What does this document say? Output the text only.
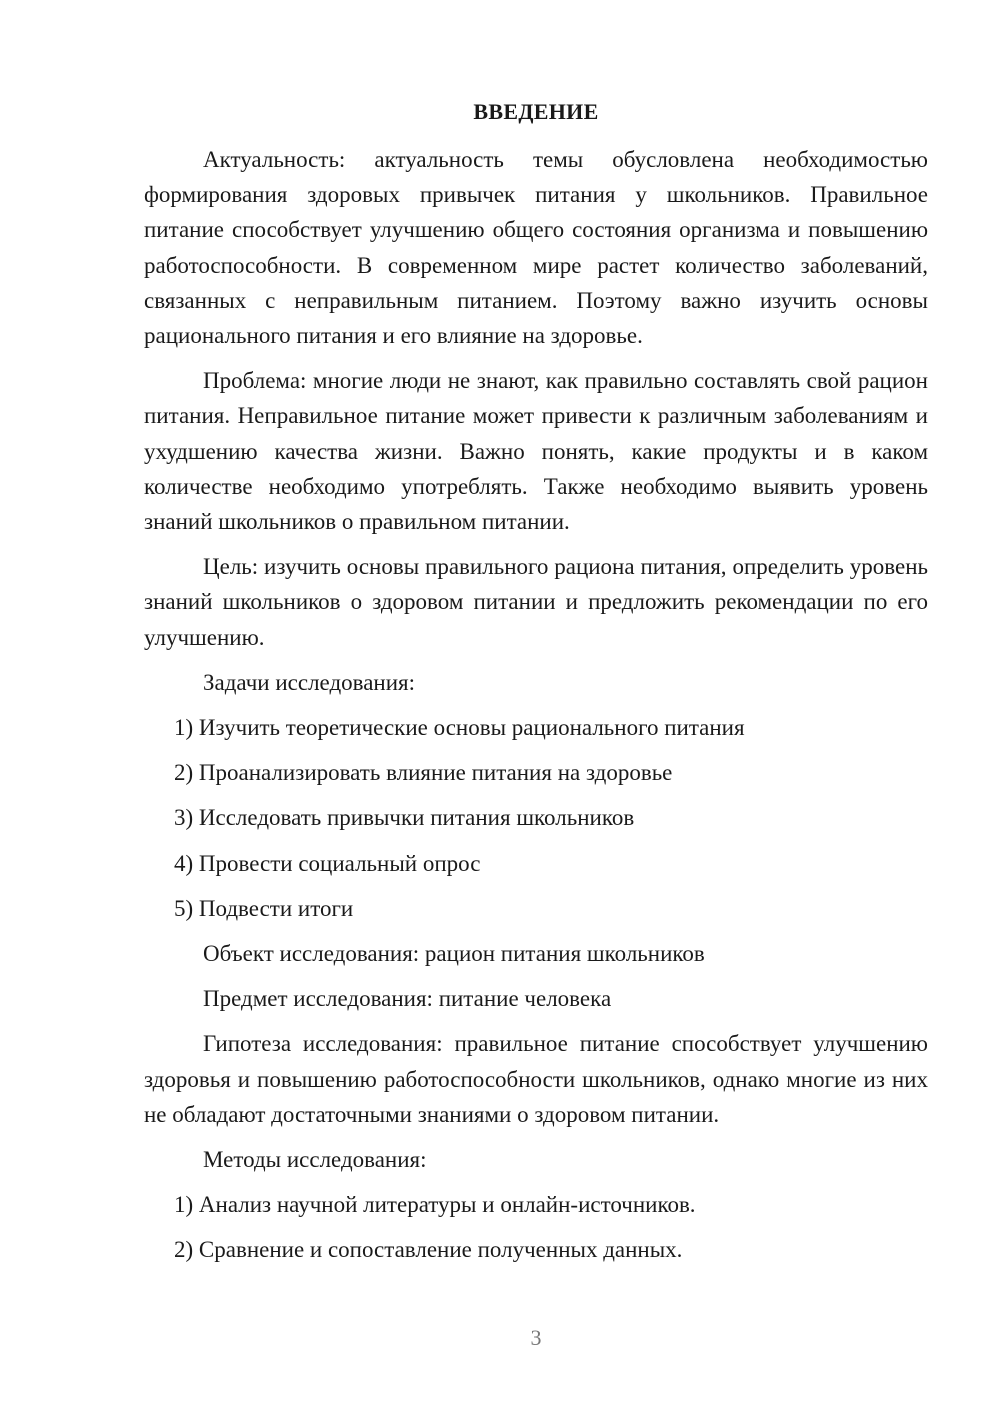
ВВЕДЕНИЕ

Актуальность: актуальность темы обусловлена необходимостью формирования здоровых привычек питания у школьников. Правильное питание способствует улучшению общего состояния организма и повышению работоспособности. В современном мире растет количество заболеваний, связанных с неправильным питанием. Поэтому важно изучить основы рационального питания и его влияние на здоровье.

Проблема: многие люди не знают, как правильно составлять свой рацион питания. Неправильное питание может привести к различным заболеваниям и ухудшению качества жизни. Важно понять, какие продукты и в каком количестве необходимо употреблять. Также необходимо выявить уровень знаний школьников о правильном питании.

Цель: изучить основы правильного рациона питания, определить уровень знаний школьников о здоровом питании и предложить рекомендации по его улучшению.

Задачи исследования:

1) Изучить теоретические основы рационального питания

2) Проанализировать влияние питания на здоровье

3) Исследовать привычки питания школьников

4) Провести социальный опрос

5) Подвести итоги

Объект исследования: рацион питания школьников

Предмет исследования: питание человека

Гипотеза исследования: правильное питание способствует улучшению здоровья и повышению работоспособности школьников, однако многие из них не обладают достаточными знаниями о здоровом питании.

Методы исследования:

1) Анализ научной литературы и онлайн-источников.

2) Сравнение и сопоставление полученных данных.

3
